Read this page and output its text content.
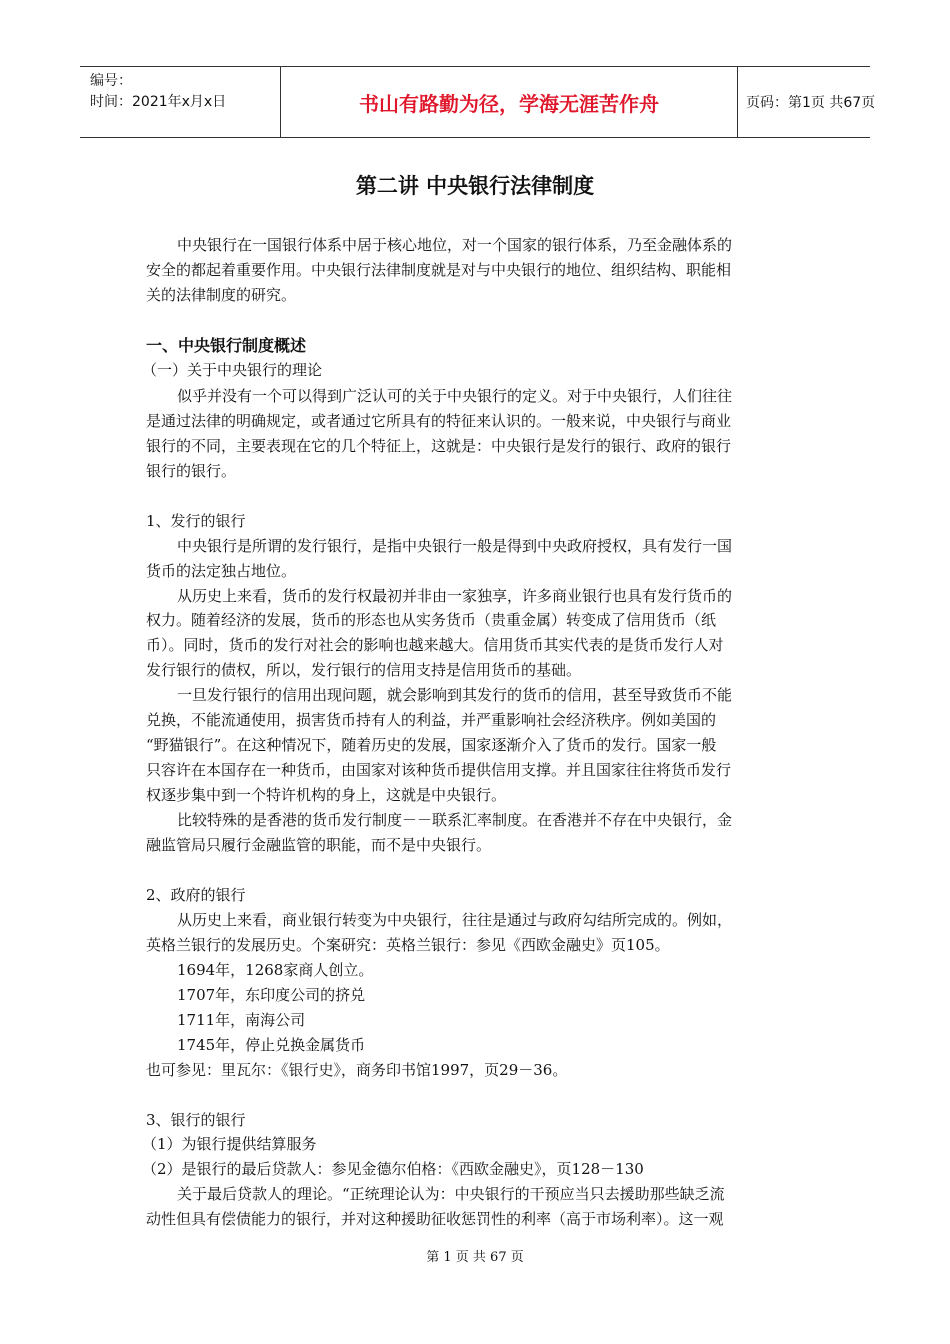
编号：
时间：2021年x月x日	书山有路勤为径，学海无涯苦作舟	页码：第1页 共67页
第二讲 中央银行法律制度
中央银行在一国银行体系中居于核心地位，对一个国家的银行体系，乃至金融体系的
安全的都起着重要作用。中央银行法律制度就是对与中央银行的地位、组织结构、职能相
关的法律制度的研究。
一、中央银行制度概述
（一）关于中央银行的理论
似乎并没有一个可以得到广泛认可的关于中央银行的定义。对于中央银行，人们往往
是通过法律的明确规定，或者通过它所具有的特征来认识的。一般来说，中央银行与商业
银行的不同，主要表现在它的几个特征上，这就是：中央银行是发行的银行、政府的银行
银行的银行。
1、发行的银行
中央银行是所谓的发行银行，是指中央银行一般是得到中央政府授权，具有发行一国
货币的法定独占地位。
从历史上来看，货币的发行权最初并非由一家独享，许多商业银行也具有发行货币的
权力。随着经济的发展，货币的形态也从实务货币（贵重金属）转变成了信用货币（纸
币）。同时，货币的发行对社会的影响也越来越大。信用货币其实代表的是货币发行人对
发行银行的债权，所以，发行银行的信用支持是信用货币的基础。
一旦发行银行的信用出现问题，就会影响到其发行的货币的信用，甚至导致货币不能
兑换，不能流通使用，损害货币持有人的利益，并严重影响社会经济秩序。例如美国的
“野猫银行”。在这种情况下，随着历史的发展，国家逐渐介入了货币的发行。国家一般
只容许在本国存在一种货币，由国家对该种货币提供信用支撑。并且国家往往将货币发行
权逐步集中到一个特许机构的身上，这就是中央银行。
比较特殊的是香港的货币发行制度－－联系汇率制度。在香港并不存在中央银行，金
融监管局只履行金融监管的职能，而不是中央银行。
2、政府的银行
从历史上来看，商业银行转变为中央银行，往往是通过与政府勾结所完成的。例如，
英格兰银行的发展历史。个案研究：英格兰银行：参见《西欧金融史》页105。
1694年，1268家商人创立。
1707年，东印度公司的挤兑
1711年，南海公司
1745年，停止兑换金属货币
也可参见：里瓦尔：《银行史》，商务印书馆1997，页29－36。
3、银行的银行
（1）为银行提供结算服务
（2）是银行的最后贷款人：参见金德尔伯格：《西欧金融史》，页128－130
关于最后贷款人的理论。“正统理论认为：中央银行的干预应当只去援助那些缺乏流
动性但具有偿债能力的银行，并对这种援助征收惩罚性的利率（高于市场利率）。这一观
第 1 页 共 67 页
